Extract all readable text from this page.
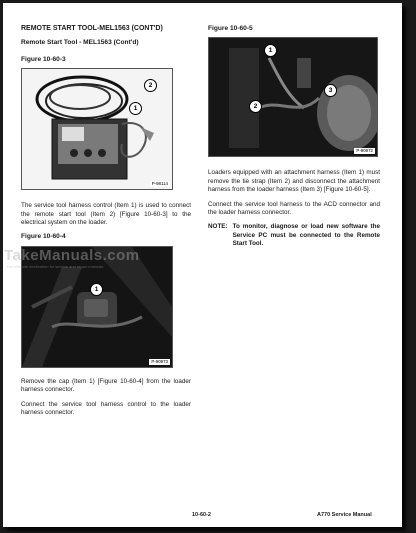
REMOTE START TOOL-MEL1563 (CONT'D)
Remote Start Tool - MEL1563 (Cont'd)
Figure 10-60-3
2
1
P-98114

The service tool harness control (Item 1) is used to connect the remote start tool (Item 2) [Figure 10-60-3] to the electrical system on the loader.

Figure 10-60-4
1
P-90973

Remove the cap (Item 1) [Figure 10-60-4] from the loader harness connector.

Connect the service tool harness control to the loader harness connector.

Figure 10-60-5
1
3
2
P-90972

Loaders equipped with an attachment harness (Item 1) must remove the tie strap (Item 2) and disconnect the attachment harness from the loader harness (Item 3) [Figure 10-60-5].

Connect the service tool harness to the ACD connector and the loader harness connector.

NOTE: To monitor, diagnose or load new software the Service PC must be connected to the Remote Start Tool.
10-60-2	A770 Service Manual
TakeManuals.com
The ultimate destination for service and repair manuals
